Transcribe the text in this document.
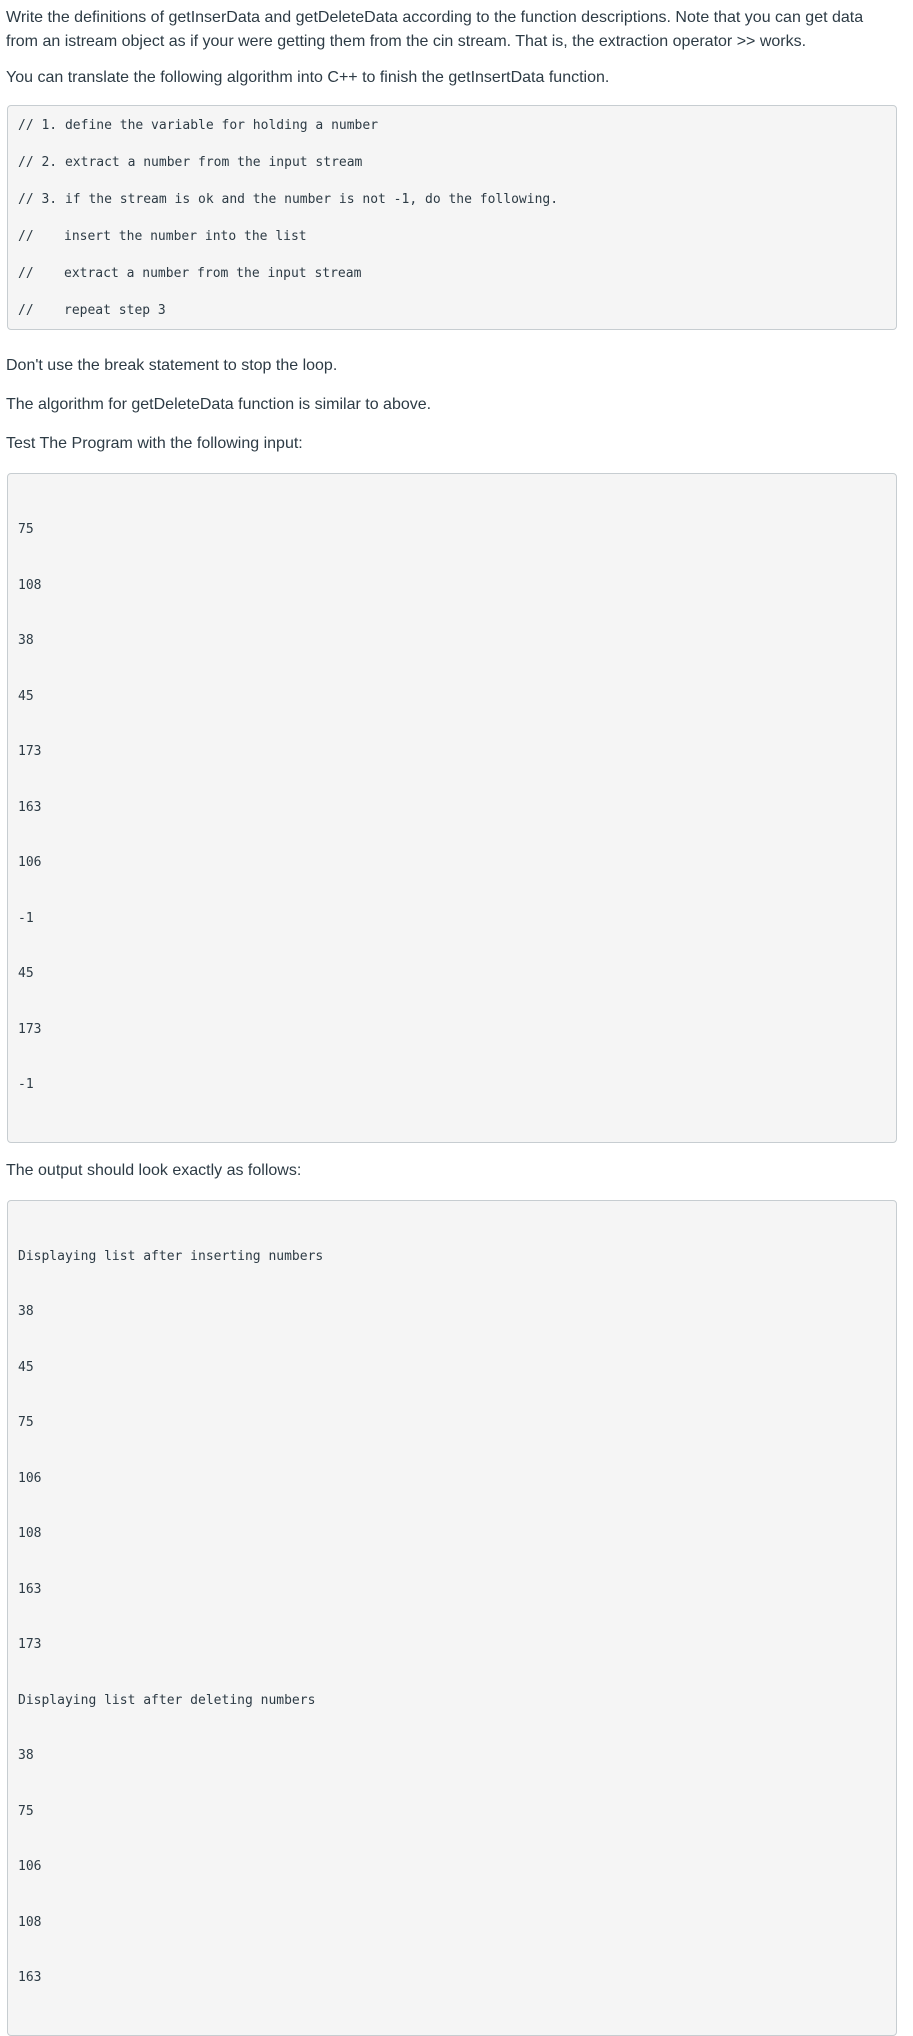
Write the definitions of getInserData and getDeleteData according to the function descriptions. Note that you can get data from an istream object as if your were getting them from the cin stream. That is, the extraction operator >> works.

You can translate the following algorithm into C++ to finish the getInsertData function.

// 1. define the variable for holding a number
// 2. extract a number from the input stream
// 3. if the stream is ok and the number is not -1, do the following.
// insert the number into the list
// extract a number from the input stream
// repeat step 3

Don't use the break statement to stop the loop.

The algorithm for getDeleteData function is similar to above.

Test The Program with the following input:

75

108

38

45

173

163

106

-1

45

173

-1

The output should look exactly as follows:

Displaying list after inserting numbers

38

45

75

106

108

163

173

Displaying list after deleting numbers

38

75

106

108

163
